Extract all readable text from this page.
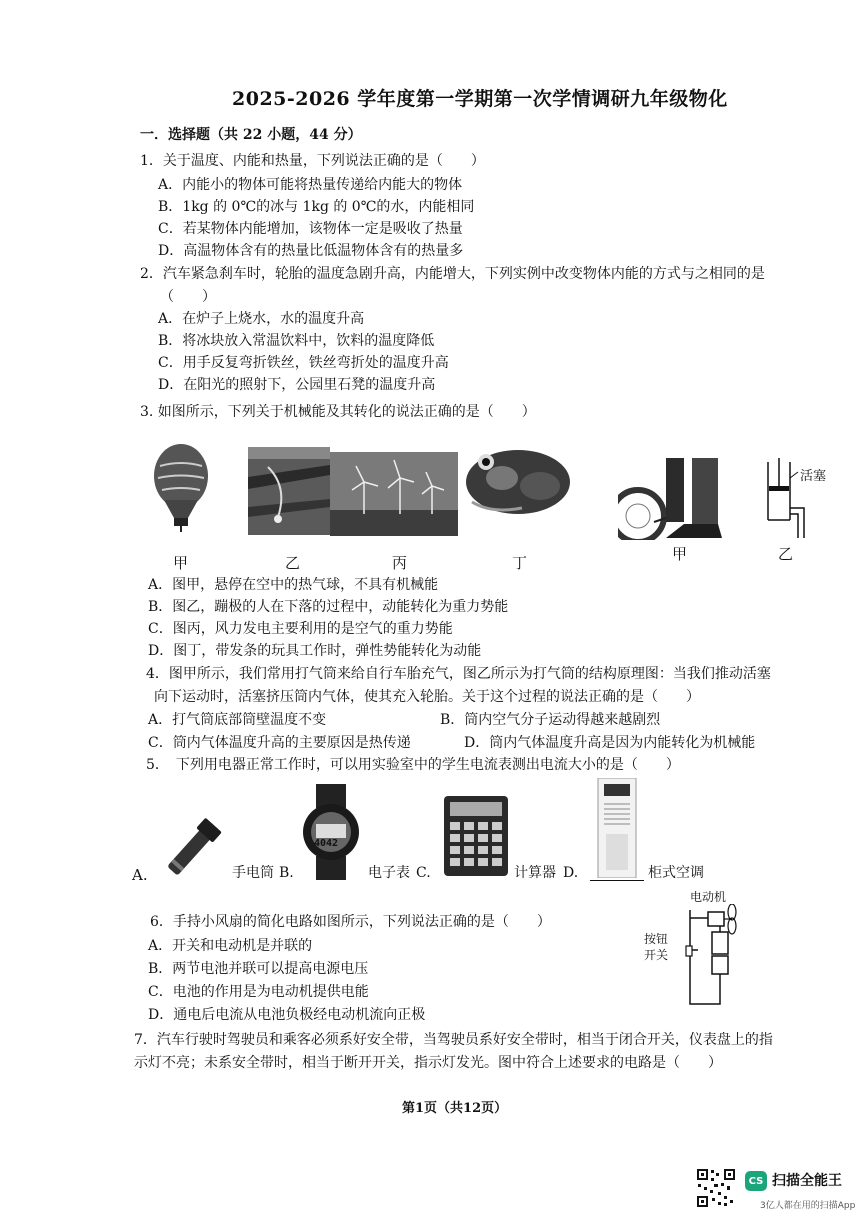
2025-2026 学年度第一学期第一次学情调研九年级物化
一．选择题（共 22 小题，44 分）
1．关于温度、内能和热量，下列说法正确的是（　　）
A．内能小的物体可能将热量传递给内能大的物体
B．1kg 的 0℃的冰与 1kg 的 0℃的水，内能相同
C．若某物体内能增加，该物体一定是吸收了热量
D．高温物体含有的热量比低温物体含有的热量多
2．汽车紧急刹车时，轮胎的温度急剧升高，内能增大，下列实例中改变物体内能的方式与之相同的是
（　　）
A．在炉子上烧水，水的温度升高
B．将冰块放入常温饮料中，饮料的温度降低
C．用手反复弯折铁丝，铁丝弯折处的温度升高
D．在阳光的照射下，公园里石凳的温度升高
3. 如图所示，下列关于机械能及其转化的说法正确的是（　　）
甲	乙	丙	丁
活塞
甲	乙
A．图甲，悬停在空中的热气球，不具有机械能
B．图乙，蹦极的人在下落的过程中，动能转化为重力势能
C．图丙，风力发电主要利用的是空气的重力势能
D．图丁，带发条的玩具工作时，弹性势能转化为动能
4．图甲所示，我们常用打气筒来给自行车胎充气，图乙所示为打气筒的结构原理图：当我们推动活塞
向下运动时，活塞挤压筒内气体，使其充入轮胎。关于这个过程的说法正确的是（　　）
A．打气筒底部筒壁温度不变	B．筒内空气分子运动得越来越剧烈
C．筒内气体温度升高的主要原因是热传递	D．筒内气体温度升高是因为内能转化为机械能
5．　下列用电器正常工作时，可以用实验室中的学生电流表测出电流大小的是（　　）
4042
A.	手电筒 B.	电子表 C.	计算器 D.	柜式空调
6．手持小风扇的简化电路如图所示，下列说法正确的是（　　）
A．开关和电动机是并联的
B．两节电池并联可以提高电源电压
C．电池的作用是为电动机提供电能
D．通电后电流从电池负极经电动机流向正极
电动机
按钮
开关
7．汽车行驶时驾驶员和乘客必须系好安全带，当驾驶员系好安全带时，相当于闭合开关，仪表盘上的指
示灯不亮；未系安全带时，相当于断开开关，指示灯发光。图中符合上述要求的电路是（　　）
第1页（共12页）
CS 扫描全能王
3亿人都在用的扫描App
